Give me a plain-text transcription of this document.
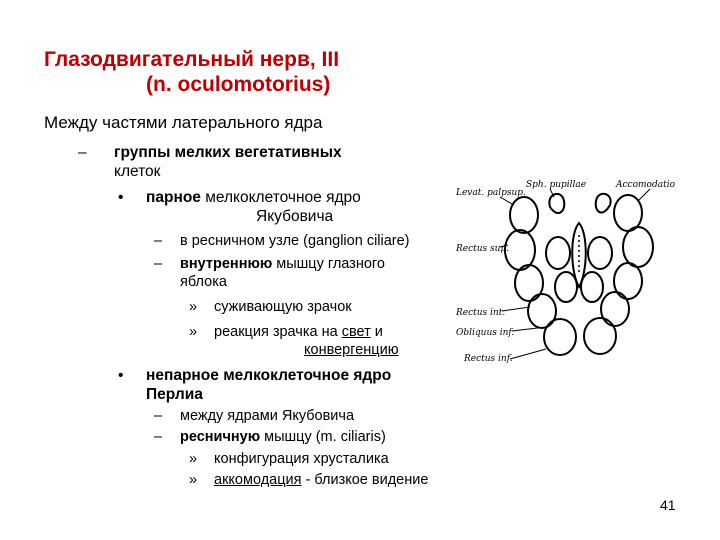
Глазодвигательный нерв, III
(n. oculomotorius)
Между частями латерального ядра
– группы мелких вегетативных
клеток
• парное мелкоклеточное ядро
Якубовича
– в ресничном узле (ganglion ciliare)
– внутреннюю мышцу глазного
яблока
» суживающую зрачок
» реакция зрачка на свет и
конвергенцию
• непарное мелкоклеточное ядро
Перлиа
– между ядрами Якубовича
– ресничную мышцу (m. ciliaris)
» конфигурация хрусталика
» аккомодация - близкое видение
Levat. palpsup.
Sph. pupillae	Accomodatio
Rectus sup.
Rectus int.
Obliquus inf.
Rectus inf.
41
